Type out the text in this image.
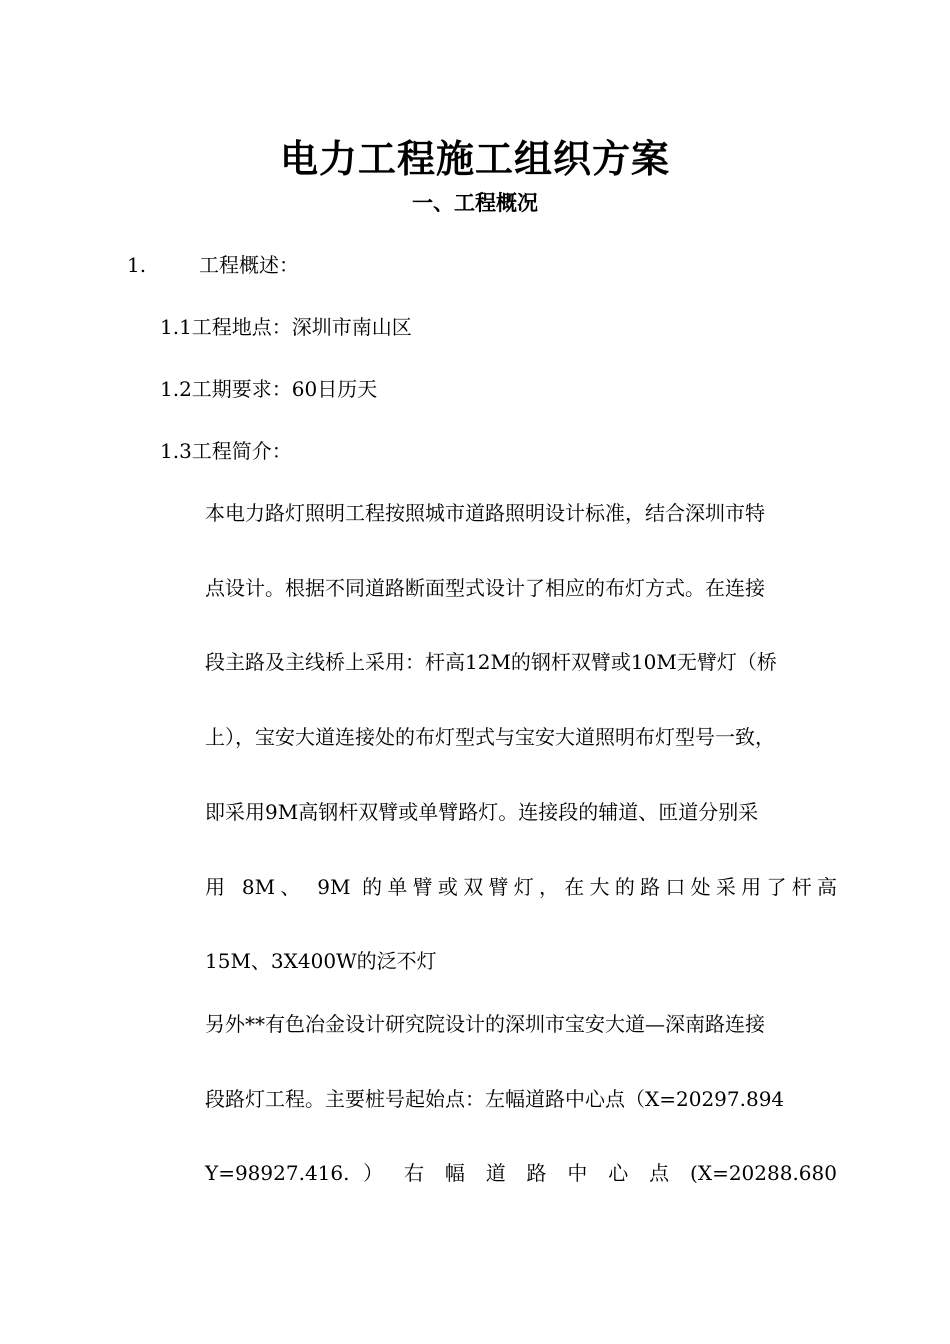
电力工程施工组织方案
一、工程概况
1.	工程概述：
1.1工程地点：深圳市南山区
1.2工期要求：60日历天
1.3工程简介：
本电力路灯照明工程按照城市道路照明设计标准，结合深圳市特
点设计。根据不同道路断面型式设计了相应的布灯方式。在连接
段主路及主线桥上采用：杆高12M的钢杆双臂或10M无臂灯（桥
上），宝安大道连接处的布灯型式与宝安大道照明布灯型号一致，
即采用9M高钢杆双臂或单臂路灯。连接段的辅道、匝道分别采
用 8M、 9M 的单臂或双臂灯，在大的路口处采用了杆高
15M、3X400W的泛不灯
另外**有色冶金设计研究院设计的深圳市宝安大道—深南路连接
段路灯工程。主要桩号起始点：左幅道路中心点（X=20297.894
Y=98927.416. ） 右 幅 道 路 中 心 点 (X=20288.680
